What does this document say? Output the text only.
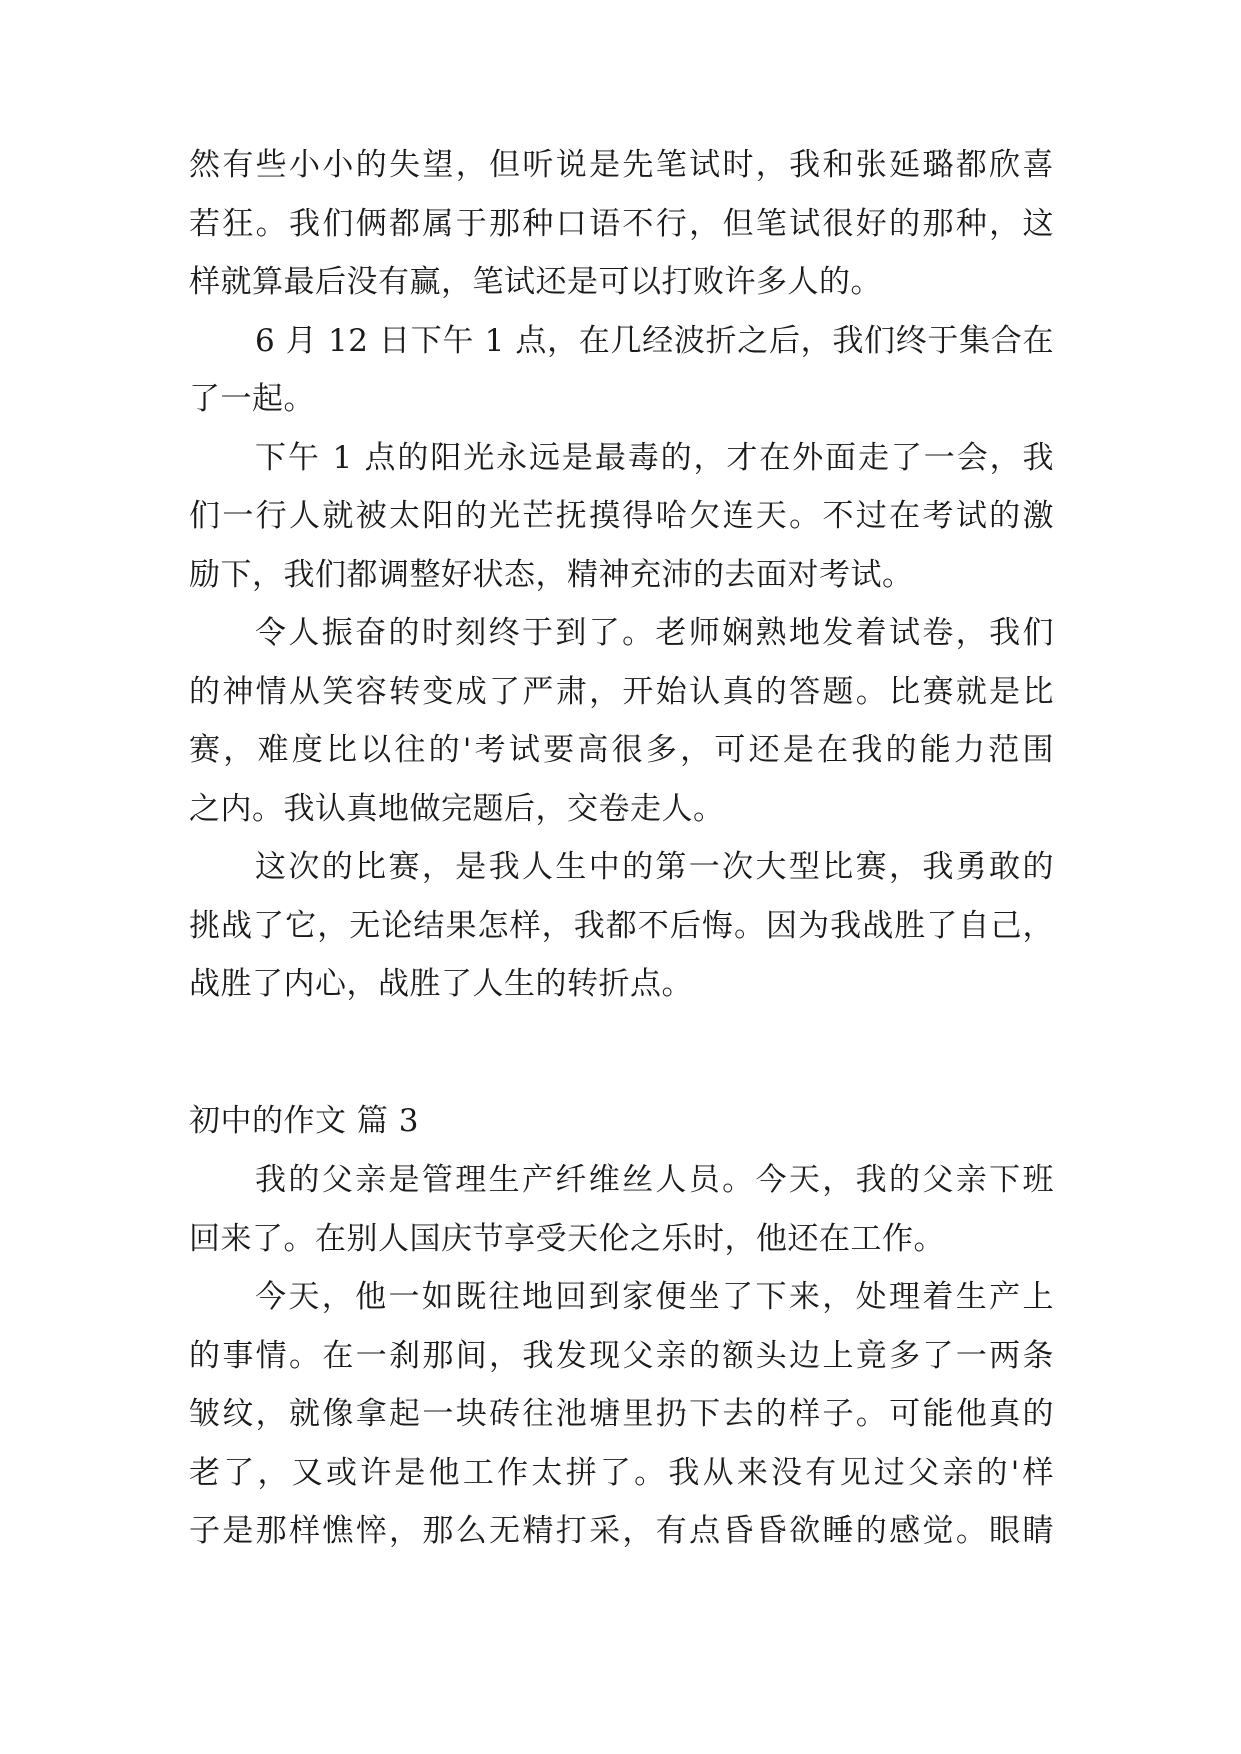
然有些小小的失望，但听说是先笔试时，我和张延璐都欣喜
若狂。我们俩都属于那种口语不行，但笔试很好的那种，这
样就算最后没有赢，笔试还是可以打败许多人的。
6 月 12 日下午 1 点，在几经波折之后，我们终于集合在
了一起。
下午 1 点的阳光永远是最毒的，才在外面走了一会，我
们一行人就被太阳的光芒抚摸得哈欠连天。不过在考试的激
励下，我们都调整好状态，精神充沛的去面对考试。
令人振奋的时刻终于到了。老师娴熟地发着试卷，我们
的神情从笑容转变成了严肃，开始认真的答题。比赛就是比
赛，难度比以往的'考试要高很多，可还是在我的能力范围
之内。我认真地做完题后，交卷走人。
这次的比赛，是我人生中的第一次大型比赛，我勇敢的
挑战了它，无论结果怎样，我都不后悔。因为我战胜了自己，
战胜了内心，战胜了人生的转折点。
初中的作文 篇 3
我的父亲是管理生产纤维丝人员。今天，我的父亲下班
回来了。在别人国庆节享受天伦之乐时，他还在工作。
今天，他一如既往地回到家便坐了下来，处理着生产上
的事情。在一刹那间，我发现父亲的额头边上竟多了一两条
皱纹，就像拿起一块砖往池塘里扔下去的样子。可能他真的
老了，又或许是他工作太拼了。我从来没有见过父亲的'样
子是那样憔悴，那么无精打采，有点昏昏欲睡的感觉。眼睛
